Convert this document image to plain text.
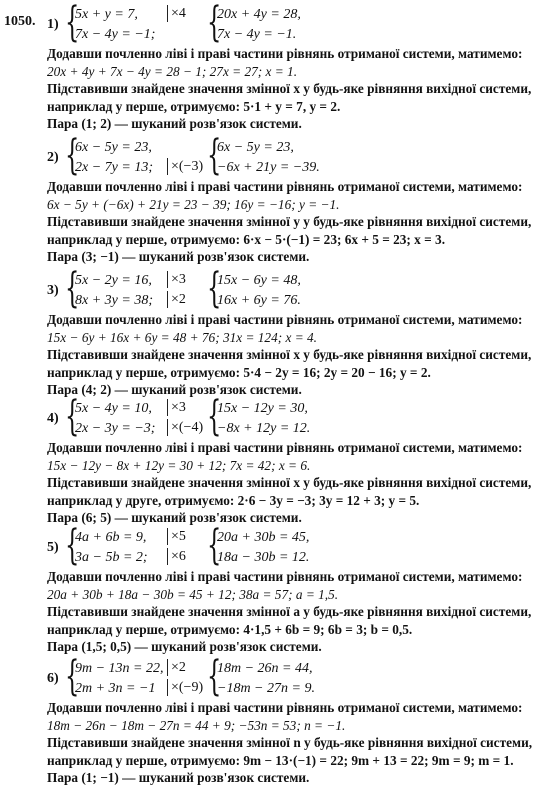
1050. 1) {
5x + y = 7,
7x − 4y = −1;
×4 {
20x + 4y = 28,
7x − 4y = −1.
Додавши почленно ліві і праві частини рівнянь отриманої системи, матимемо:
20x + 4y + 7x − 4y = 28 − 1; 27x = 27; x = 1.
Підставивши знайдене значення змінної x у будь-яке рівняння вихідної системи,
наприклад у перше, отримуємо: 5·1 + y = 7, y = 2.
Пара (1; 2) — шуканий розв'язок системи.
2) {
6x − 5y = 23,
2x − 7y = 13; ×(−3) {
6x − 5y = 23,
−6x + 21y = −39.
Додавши почленно ліві і праві частини рівнянь отриманої системи, матимемо:
6x − 5y + (−6x) + 21y = 23 − 39; 16y = −16; y = −1.
Підставивши знайдене значення змінної y у будь-яке рівняння вихідної системи,
наприклад у перше, отримуємо: 6·x − 5·(−1) = 23; 6x + 5 = 23; x = 3.
Пара (3; −1) — шуканий розв'язок системи.
3) {
5x − 2y = 16,
8x + 3y = 38;
×3
×2 {
15x − 6y = 48,
16x + 6y = 76.
Додавши почленно ліві і праві частини рівнянь отриманої системи, матимемо:
15x − 6y + 16x + 6y = 48 + 76; 31x = 124; x = 4.
Підставивши знайдене значення змінної x у будь-яке рівняння вихідної системи,
наприклад у перше, отримуємо: 5·4 − 2y = 16; 2y = 20 − 16; y = 2.
Пара (4; 2) — шуканий розв'язок системи.
4) {
5x − 4y = 10,
2x − 3y = −3;
×3
×(−4) {
15x − 12y = 30,
−8x + 12y = 12.
Додавши почленно ліві і праві частини рівнянь отриманої системи, матимемо:
15x − 12y − 8x + 12y = 30 + 12; 7x = 42; x = 6.
Підставивши знайдене значення змінної x у будь-яке рівняння вихідної системи,
наприклад у друге, отримуємо: 2·6 − 3y = −3; 3y = 12 + 3; y = 5.
Пара (6; 5) — шуканий розв'язок системи.
5) {
4a + 6b = 9,
3a − 5b = 2;
×5
×6 {
20a + 30b = 45,
18a − 30b = 12.
Додавши почленно ліві і праві частини рівнянь отриманої системи, матимемо:
20a + 30b + 18a − 30b = 45 + 12; 38a = 57; a = 1,5.
Підставивши знайдене значення змінної a у будь-яке рівняння вихідної системи,
наприклад у перше, отримуємо: 4·1,5 + 6b = 9; 6b = 3; b = 0,5.
Пара (1,5; 0,5) — шуканий розв'язок системи.
6) {
9m − 13n = 22,
2m + 3n = −1
×2
×(−9) {
18m − 26n = 44,
−18m − 27n = 9.
Додавши почленно ліві і праві частини рівнянь отриманої системи, матимемо:
18m − 26n − 18m − 27n = 44 + 9; −53n = 53; n = −1.
Підставивши знайдене значення змінної n у будь-яке рівняння вихідної системи,
наприклад у перше, отримуємо: 9m − 13·(−1) = 22; 9m + 13 = 22; 9m = 9; m = 1.
Пара (1; −1) — шуканий розв'язок системи.
